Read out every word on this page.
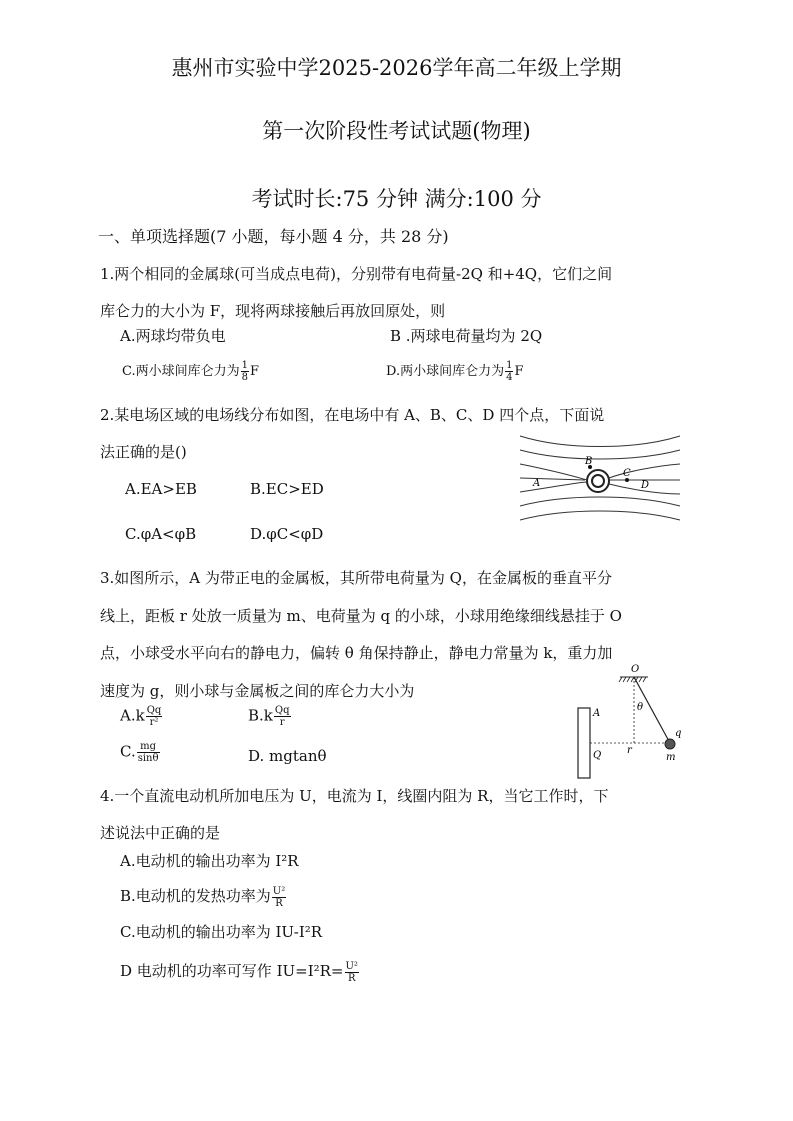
惠州市实验中学2025-2026学年高二年级上学期
第一次阶段性考试试题(物理)
考试时长:75 分钟 满分:100 分
一、单项选择题(7 小题，每小题 4 分，共 28 分)
1.两个相同的金属球(可当成点电荷)，分别带有电荷量-2Q 和+4Q，它们之间
库仑力的大小为 F，现将两球接触后再放回原处，则
A.两球均带负电	B .两球电荷量均为 2Q
C.两小球间库仑力为 $\frac{1}{8}$ F	D.两小球间库仑力为 $\frac{1}{4}$ F
2.某电场区域的电场线分布如图，在电场中有 A、B、C、D 四个点，下面说
法正确的是()
A.EA>EB	B.EC>ED
C.φA<φB	D.φC<φD
A
B
C
D
3.如图所示，A 为带正电的金属板，其所带电荷量为 Q，在金属板的垂直平分
线上，距板 r 处放一质量为 m、电荷量为 q 的小球，小球用绝缘细线悬挂于 O
点，小球受水平向右的静电力，偏转 θ 角保持静止，静电力常量为 k，重力加
速度为 g，则小球与金属板之间的库仑力大小为
$A.k \frac{Qq}{\text{r²}}$	$B.k \frac{Qq}{r}$
C. $\frac{mg}{\sin\theta}$	D. mgtanθ
O
A
Q	r
θ
q
m
4.一个直流电动机所加电压为 U，电流为 I，线圈内阻为 R，当它工作时，下
述说法中正确的是
A.电动机的输出功率为 I²R
B.电动机的发热功率为 $\frac{\text{U²}}{R}$
C.电动机的输出功率为 IU-I²R
D 电动机的功率可写作 $IU=I^2R= \frac{\text{U²}}{R}$
